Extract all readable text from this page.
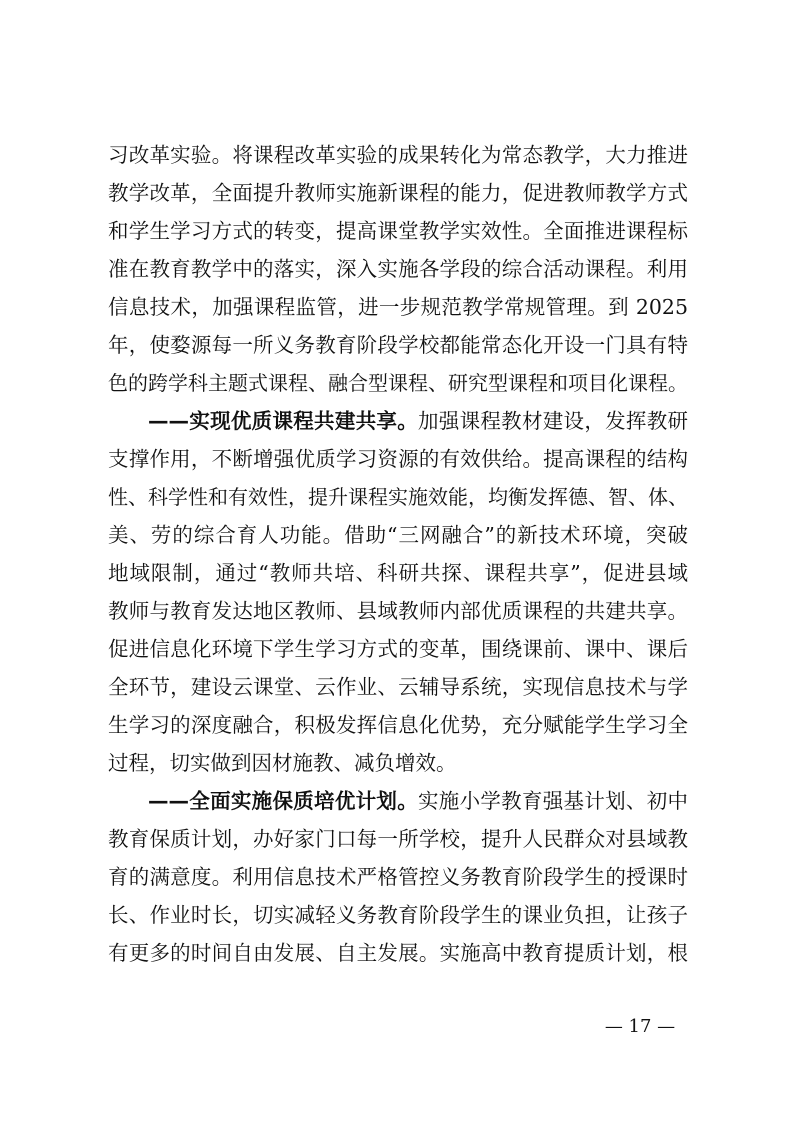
习改革实验。将课程改革实验的成果转化为常态教学，大力推进
教学改革，全面提升教师实施新课程的能力，促进教师教学方式
和学生学习方式的转变，提高课堂教学实效性。全面推进课程标
准在教育教学中的落实，深入实施各学段的综合活动课程。利用
信息技术，加强课程监管，进一步规范教学常规管理。到 2025
年，使婺源每一所义务教育阶段学校都能常态化开设一门具有特
色的跨学科主题式课程、融合型课程、研究型课程和项目化课程。
——实现优质课程共建共享。加强课程教材建设，发挥教研
支撑作用，不断增强优质学习资源的有效供给。提高课程的结构
性、科学性和有效性，提升课程实施效能，均衡发挥德、智、体、
美、劳的综合育人功能。借助“三网融合”的新技术环境，突破
地域限制，通过“教师共培、科研共探、课程共享”，促进县域
教师与教育发达地区教师、县域教师内部优质课程的共建共享。
促进信息化环境下学生学习方式的变革，围绕课前、课中、课后
全环节，建设云课堂、云作业、云辅导系统，实现信息技术与学
生学习的深度融合，积极发挥信息化优势，充分赋能学生学习全
过程，切实做到因材施教、减负增效。
——全面实施保质培优计划。实施小学教育强基计划、初中
教育保质计划，办好家门口每一所学校，提升人民群众对县域教
育的满意度。利用信息技术严格管控义务教育阶段学生的授课时
长、作业时长，切实减轻义务教育阶段学生的课业负担，让孩子
有更多的时间自由发展、自主发展。实施高中教育提质计划，根
— 17 —
